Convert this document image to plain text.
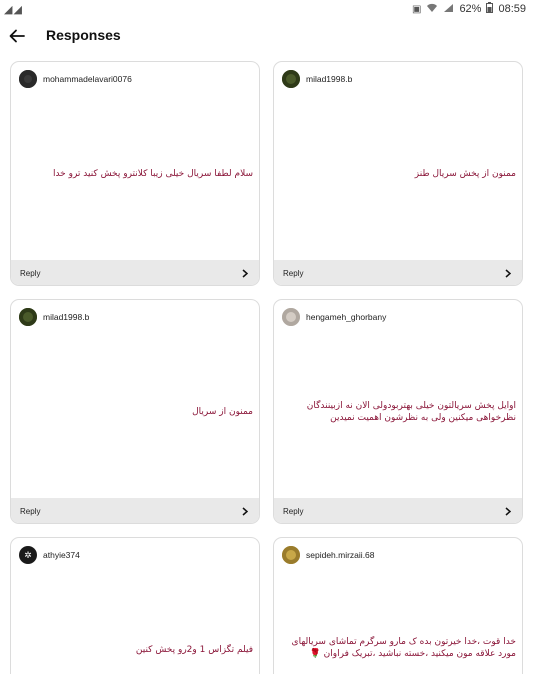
◢◢	▣	62% 08:59
Responses
mohammadelavari0076
سلام لطفا سریال خیلی زیبا کلانترو پخش کنید ترو خدا
Reply
milad1998.b
ممنون از پخش سریال طنز
Reply
milad1998.b
ممنون از سریال
Reply
hengameh_ghorbany
اوایل پخش سریالتون خیلی بهتربودولی الان نه ازبینندگان نظرخواهی میکنین ولی به نظرشون اهمیت نمیدین
Reply
✲	athyie374
فیلم تگزاس 1 و2رو پخش کنین
sepideh.mirzaii.68
خدا قوت ،خدا خیرتون بده ک مارو سرگرم تماشای سریالهای مورد علاقه مون میکنید ،خسته نباشید ،تبریک فراوان 🌹
